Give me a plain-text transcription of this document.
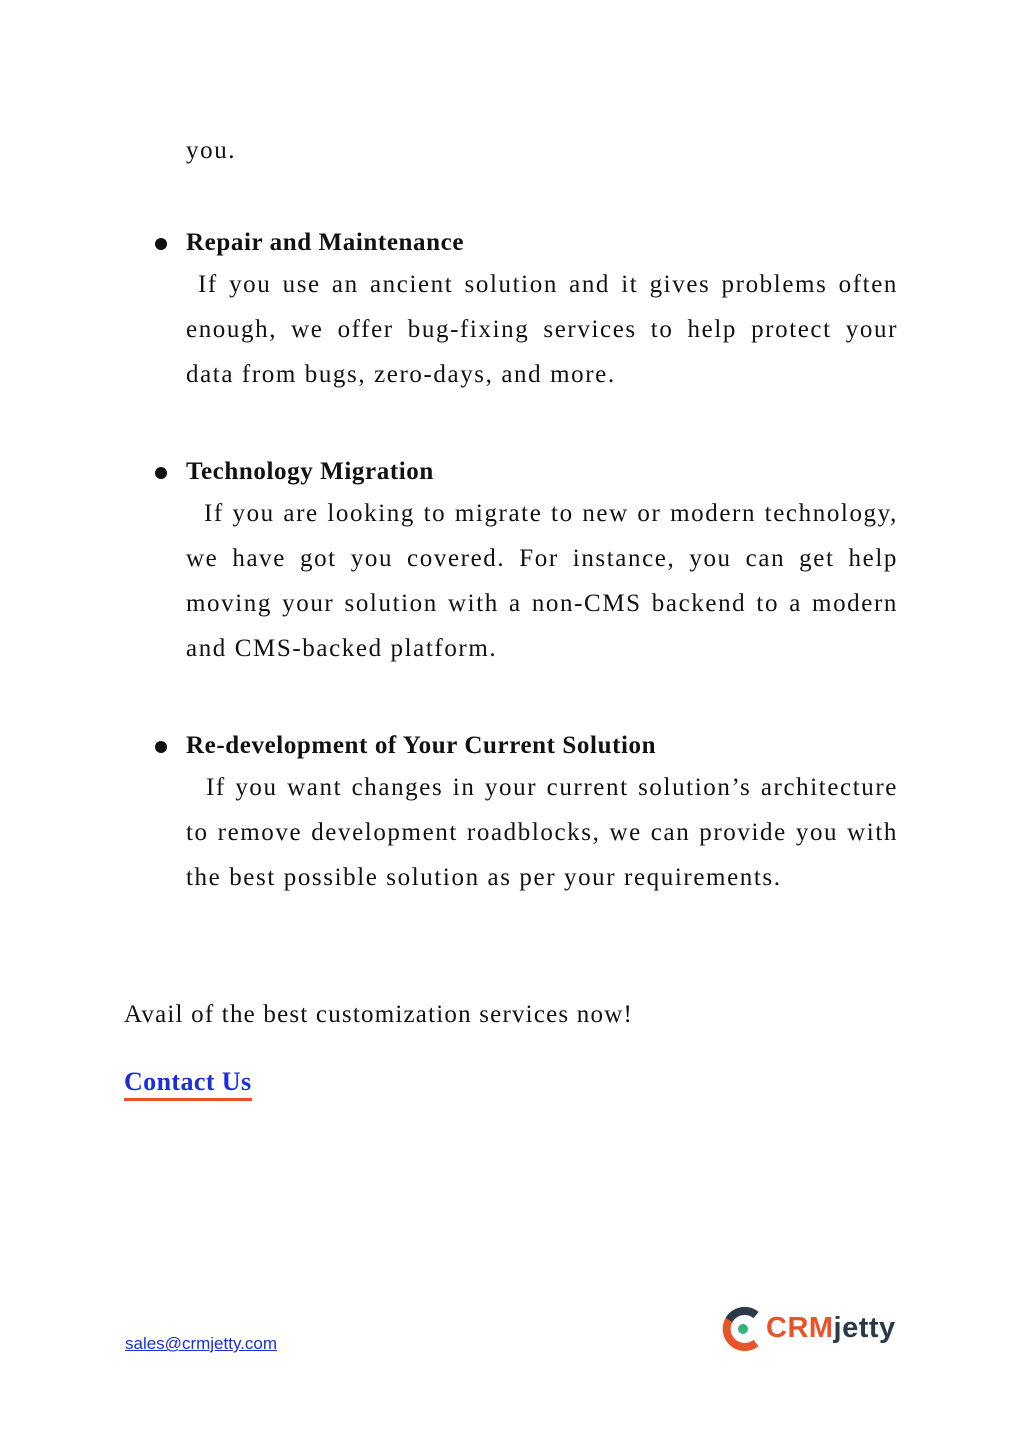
you.
Repair and Maintenance
If you use an ancient solution and it gives problems often enough, we offer bug-fixing services to help protect your data from bugs, zero-days, and more.
Technology Migration
If you are looking to migrate to new or modern technology, we have got you covered. For instance, you can get help moving your solution with a non-CMS backend to a modern and CMS-backed platform.
Re-development of Your Current Solution
If you want changes in your current solution’s architecture to remove development roadblocks, we can provide you with the best possible solution as per your requirements.
Avail of the best customization services now!
Contact Us
sales@crmjetty.com	CRMjetty
